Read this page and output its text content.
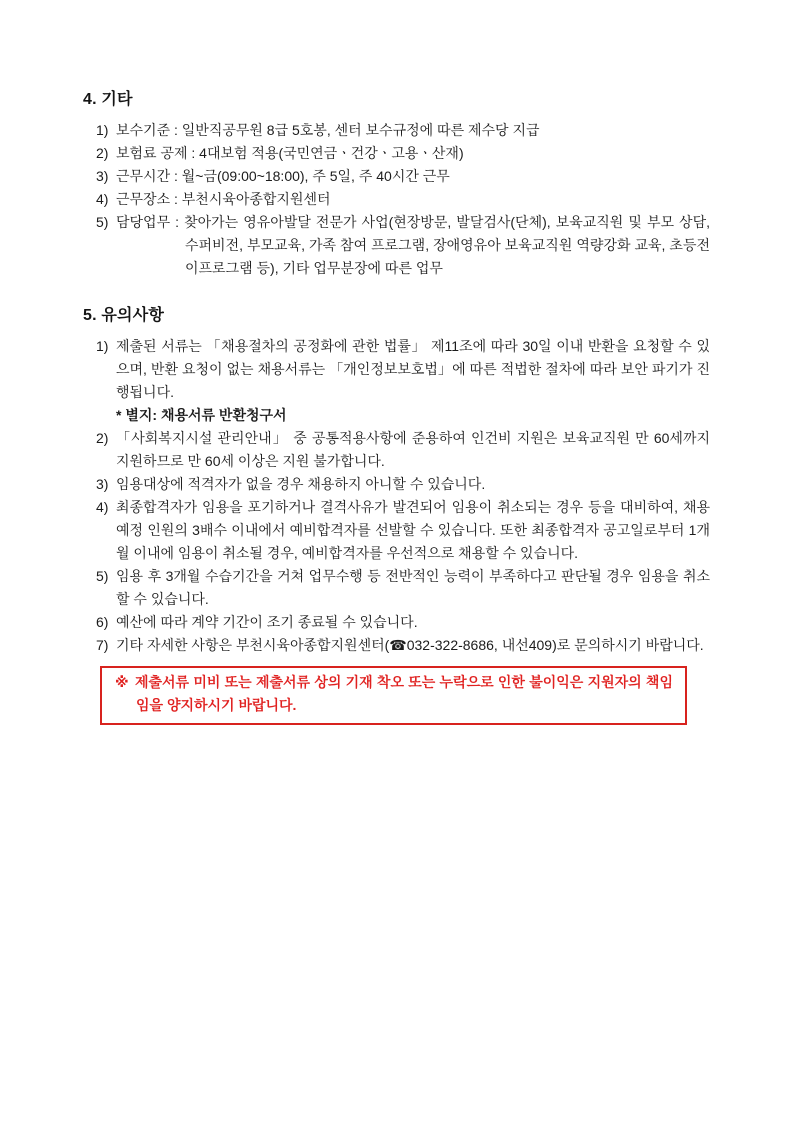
4. 기타
1) 보수기준 : 일반직공무원 8급 5호봉, 센터 보수규정에 따른 제수당 지급
2) 보험료 공제 : 4대보험 적용(국민연금ㆍ건강ㆍ고용ㆍ산재)
3) 근무시간 : 월~금(09:00~18:00), 주 5일, 주 40시간 근무
4) 근무장소 : 부천시육아종합지원센터
5) 담당업무 : 찾아가는 영유아발달 전문가 사업(현장방문, 발달검사(단체), 보육교직원 및 부모 상담, 수퍼비전, 부모교육, 가족 참여 프로그램, 장애영유아 보육교직원 역량강화 교육, 초등전이프로그램 등), 기타 업무분장에 따른 업무
5. 유의사항
1) 제출된 서류는 「채용절차의 공정화에 관한 법률」 제11조에 따라 30일 이내 반환을 요청할 수 있으며, 반환 요청이 없는 채용서류는 「개인정보보호법」에 따른 적법한 절차에 따라 보안 파기가 진행됩니다.
* 별지: 채용서류 반환청구서
2) 「사회복지시설 관리안내」 중 공통적용사항에 준용하여 인건비 지원은 보육교직원 만 60세까지 지원하므로 만 60세 이상은 지원 불가합니다.
3) 임용대상에 적격자가 없을 경우 채용하지 아니할 수 있습니다.
4) 최종합격자가 임용을 포기하거나 결격사유가 발견되어 임용이 취소되는 경우 등을 대비하여, 채용 예정 인원의 3배수 이내에서 예비합격자를 선발할 수 있습니다. 또한 최종합격자 공고일로부터 1개월 이내에 임용이 취소될 경우, 예비합격자를 우선적으로 채용할 수 있습니다.
5) 임용 후 3개월 수습기간을 거쳐 업무수행 등 전반적인 능력이 부족하다고 판단될 경우 임용을 취소할 수 있습니다.
6) 예산에 따라 계약 기간이 조기 종료될 수 있습니다.
7) 기타 자세한 사항은 부천시육아종합지원센터(☎032-322-8686, 내선409)로 문의하시기 바랍니다.

※ 제출서류 미비 또는 제출서류 상의 기재 착오 또는 누락으로 인한 불이익은 지원자의 책임임을 양지하시기 바랍니다.
